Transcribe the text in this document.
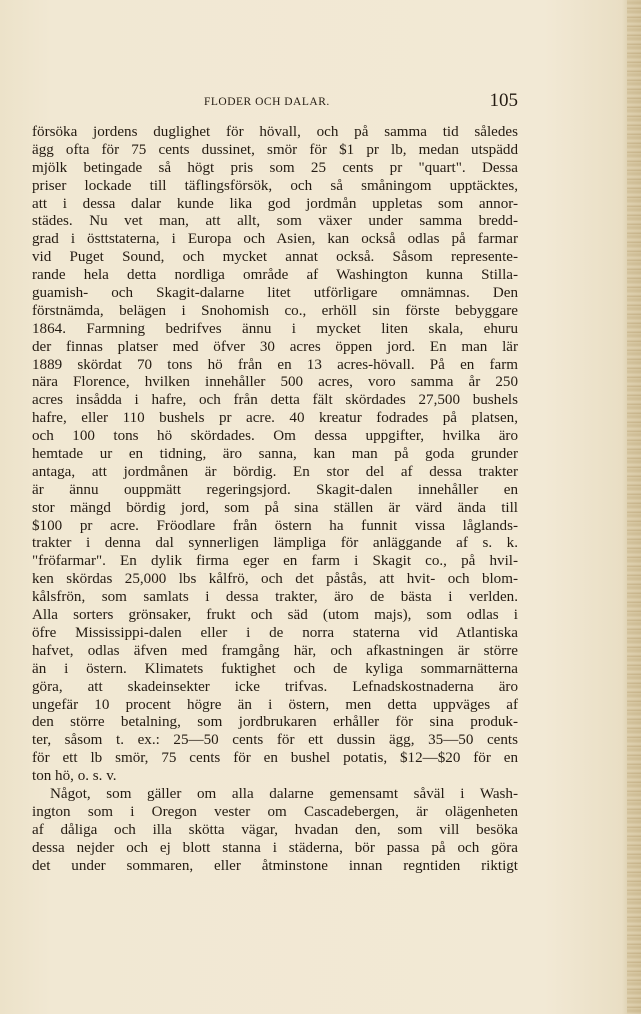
FLODER OCH DALAR.	105
försöka jordens duglighet för hövall, och på samma tid således
ägg ofta för 75 cents dussinet, smör för $1 pr lb, medan utspädd
mjölk betingade så högt pris som 25 cents pr "quart". Dessa
priser lockade till täflingsförsök, och så småningom upptäcktes,
att i dessa dalar kunde lika god jordmån uppletas som annor-
städes. Nu vet man, att allt, som växer under samma bredd-
grad i östtstaterna, i Europa och Asien, kan också odlas på farmar
vid Puget Sound, och mycket annat också. Såsom represente-
rande hela detta nordliga område af Washington kunna Stilla-
guamish- och Skagit-dalarne litet utförligare omnämnas. Den
förstnämda, belägen i Snohomish co., erhöll sin förste bebyggare
1864. Farmning bedrifves ännu i mycket liten skala, ehuru
der finnas platser med öfver 30 acres öppen jord. En man lär
1889 skördat 70 tons hö från en 13 acres-hövall. På en farm
nära Florence, hvilken innehåller 500 acres, voro samma år 250
acres insådda i hafre, och från detta fält skördades 27,500 bushels
hafre, eller 110 bushels pr acre. 40 kreatur fodrades på platsen,
och 100 tons hö skördades. Om dessa uppgifter, hvilka äro
hemtade ur en tidning, äro sanna, kan man på goda grunder
antaga, att jordmånen är bördig. En stor del af dessa trakter
är ännu ouppmätt regeringsjord. Skagit-dalen innehåller en
stor mängd bördig jord, som på sina ställen är värd ända till
$100 pr acre. Fröodlare från östern ha funnit vissa låglands-
trakter i denna dal synnerligen lämpliga för anläggande af s. k.
"fröfarmar". En dylik firma eger en farm i Skagit co., på hvil-
ken skördas 25,000 lbs kålfrö, och det påstås, att hvit- och blom-
kålsfrön, som samlats i dessa trakter, äro de bästa i verlden.
Alla sorters grönsaker, frukt och säd (utom majs), som odlas i
öfre Mississippi-dalen eller i de norra staterna vid Atlantiska
hafvet, odlas äfven med framgång här, och afkastningen är större
än i östern. Klimatets fuktighet och de kyliga sommarnätterna
göra, att skadeinsekter icke trifvas. Lefnadskostnaderna äro
ungefär 10 procent högre än i östern, men detta uppväges af
den större betalning, som jordbrukaren erhåller för sina produk-
ter, såsom t. ex.: 25—50 cents för ett dussin ägg, 35—50 cents
för ett lb smör, 75 cents för en bushel potatis, $12—$20 för en
ton hö, o. s. v.
Något, som gäller om alla dalarne gemensamt såväl i Wash-
ington som i Oregon vester om Cascadebergen, är olägenheten
af dåliga och illa skötta vägar, hvadan den, som vill besöka
dessa nejder och ej blott stanna i städerna, bör passa på och göra
det under sommaren, eller åtminstone innan regntiden riktigt
